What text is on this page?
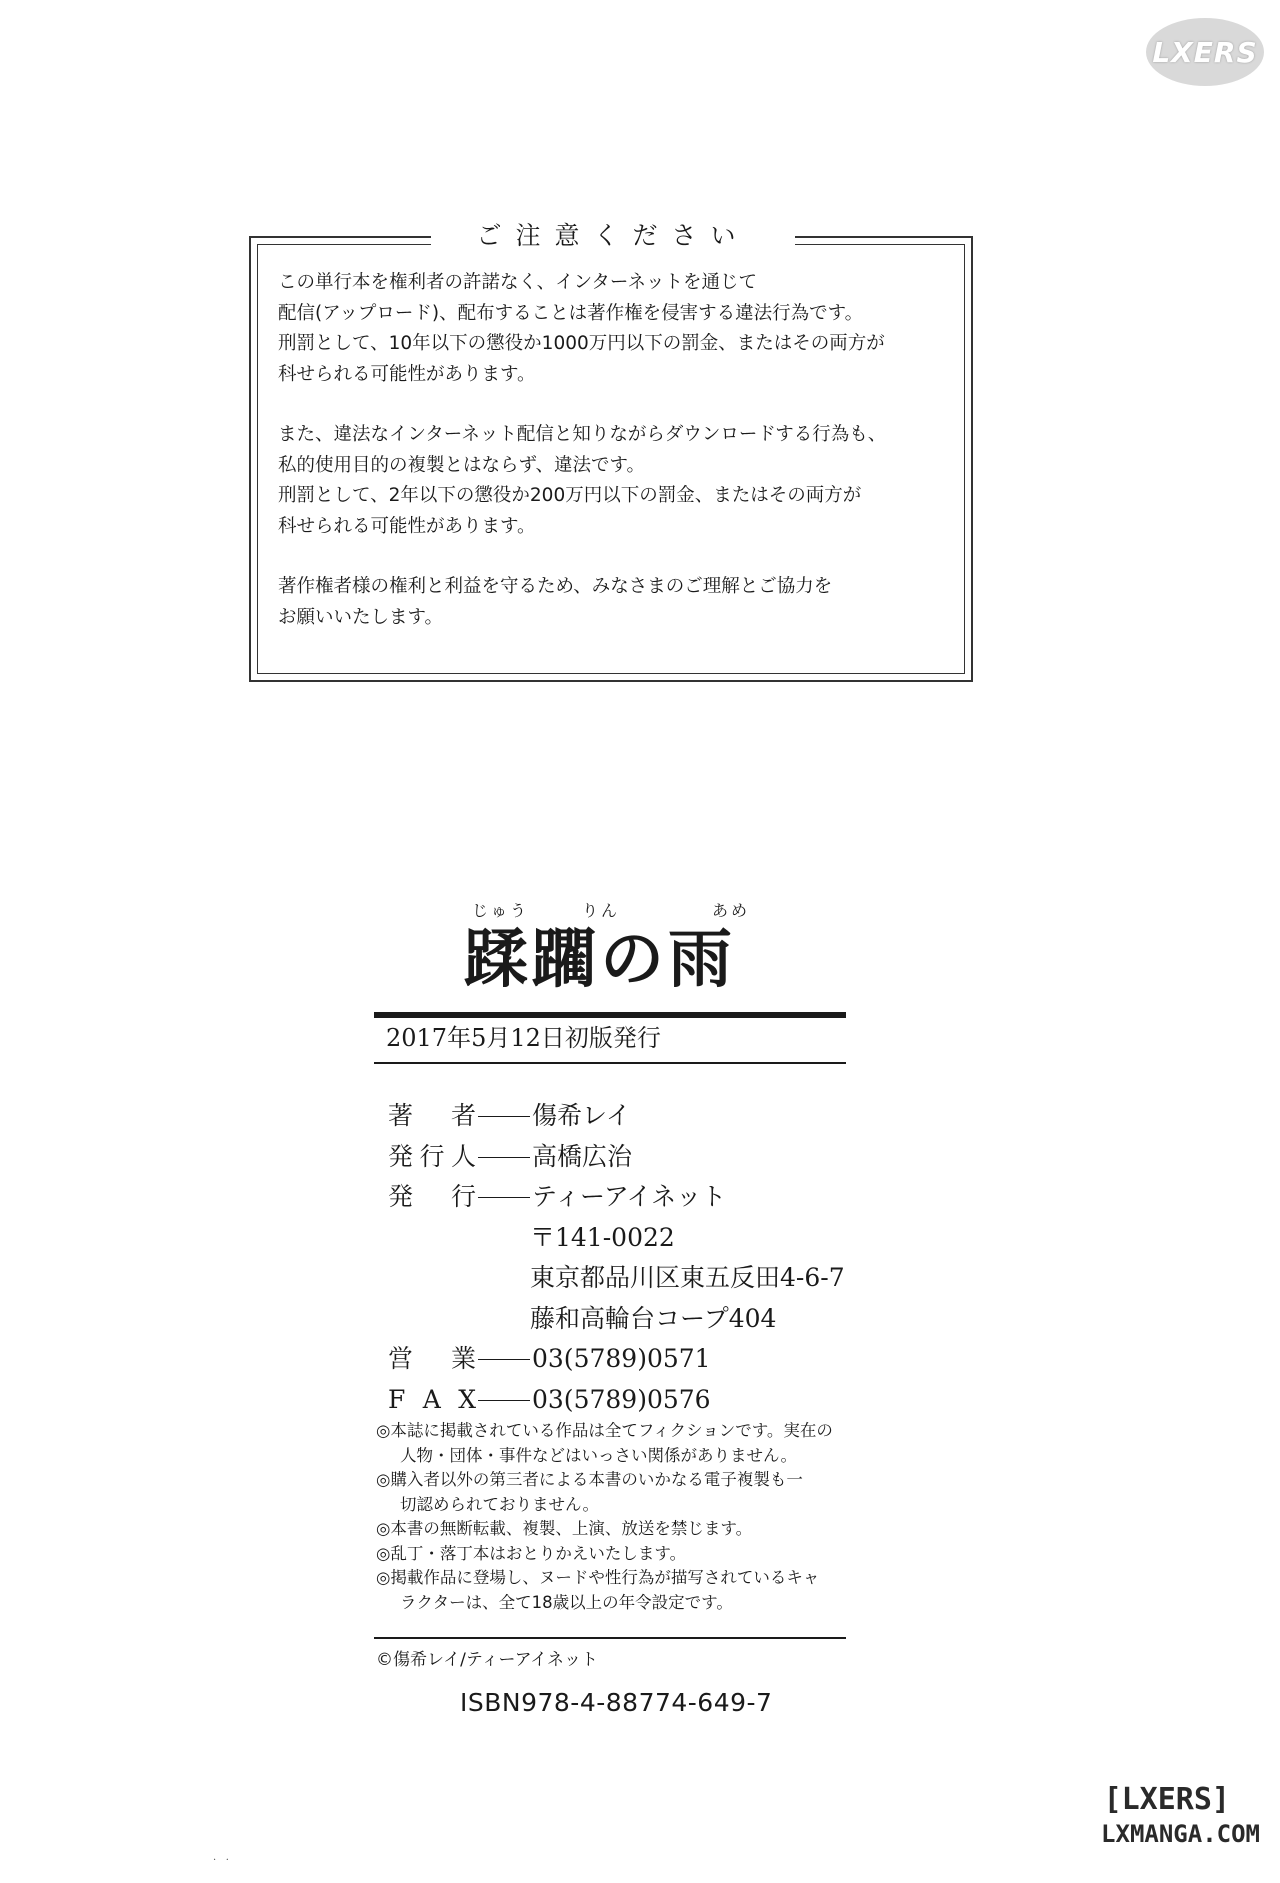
LXERS
ご注意ください

この単行本を権利者の許諾なく、インターネットを通じて
配信(アップロード)、配布することは著作権を侵害する違法行為です。
刑罰として、10年以下の懲役か1000万円以下の罰金、またはその両方が
科せられる可能性があります。

また、違法なインターネット配信と知りながらダウンロードする行為も、
私的使用目的の複製とはならず、違法です。
刑罰として、2年以下の懲役か200万円以下の罰金、またはその両方が
科せられる可能性があります。

著作権者様の権利と利益を守るため、みなさまのご理解とご協力を
お願いいたします。

じゅう	りん	あめ
蹂躙の雨
2017年5月12日初版発行
著 者 傷希レイ
発行人 高橋広治
発 行 ティーアイネット
〒141-0022
東京都品川区東五反田4-6-7
藤和高輪台コープ404
営 業 03(5789)0571
F A X 03(5789)0576
◎本誌に掲載されている作品は全てフィクションです。実在の
人物・団体・事件などはいっさい関係がありません。
◎購入者以外の第三者による本書のいかなる電子複製も一
切認められておりません。
◎本書の無断転載、複製、上演、放送を禁じます。
◎乱丁・落丁本はおとりかえいたします。
◎掲載作品に登場し、ヌードや性行為が描写されているキャ
ラクターは、全て18歳以上の年令設定です。
©傷希レイ/ティーアイネット
ISBN978-4-88774-649-7
[LXERS]
LXMANGA.COM
·   ·
